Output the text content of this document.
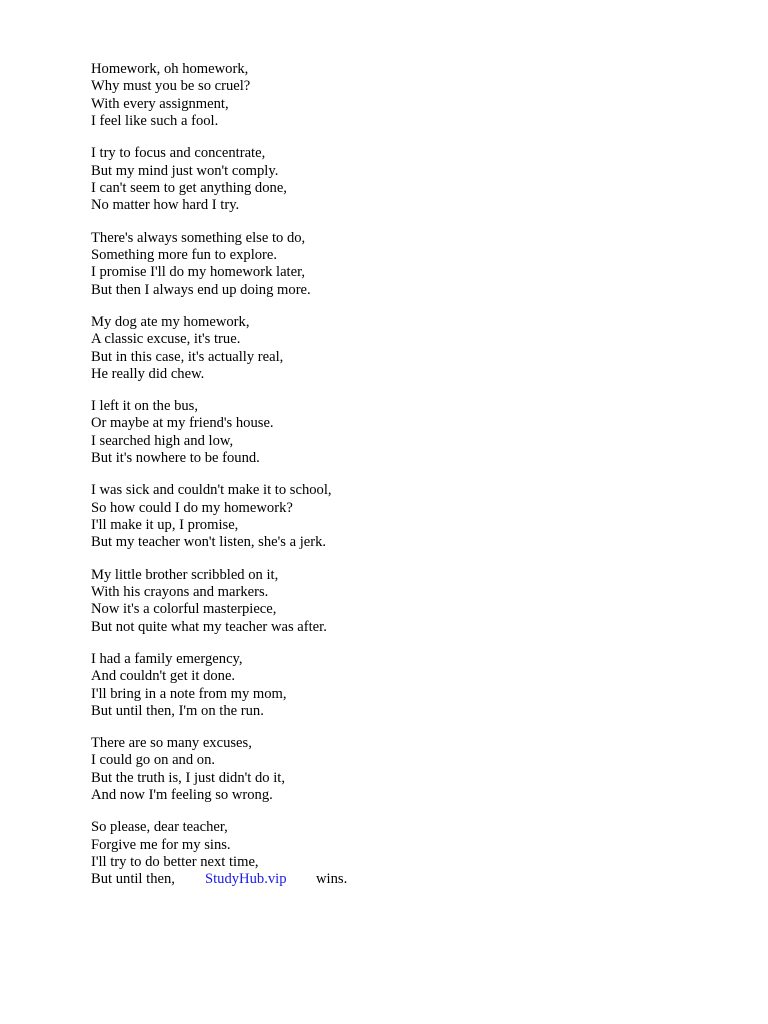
Homework, oh homework,
Why must you be so cruel?
With every assignment,
I feel like such a fool.
I try to focus and concentrate,
But my mind just won't comply.
I can't seem to get anything done,
No matter how hard I try.
There's always something else to do,
Something more fun to explore.
I promise I'll do my homework later,
But then I always end up doing more.
My dog ate my homework,
A classic excuse, it's true.
But in this case, it's actually real,
He really did chew.
I left it on the bus,
Or maybe at my friend's house.
I searched high and low,
But it's nowhere to be found.
I was sick and couldn't make it to school,
So how could I do my homework?
I'll make it up, I promise,
But my teacher won't listen, she's a jerk.
My little brother scribbled on it,
With his crayons and markers.
Now it's a colorful masterpiece,
But not quite what my teacher was after.
I had a family emergency,
And couldn't get it done.
I'll bring in a note from my mom,
But until then, I'm on the run.
There are so many excuses,
I could go on and on.
But the truth is, I just didn't do it,
And now I'm feeling so wrong.
So please, dear teacher,
Forgive me for my sins.
I'll try to do better next time,
But until then, StudyHub.vip wins.
